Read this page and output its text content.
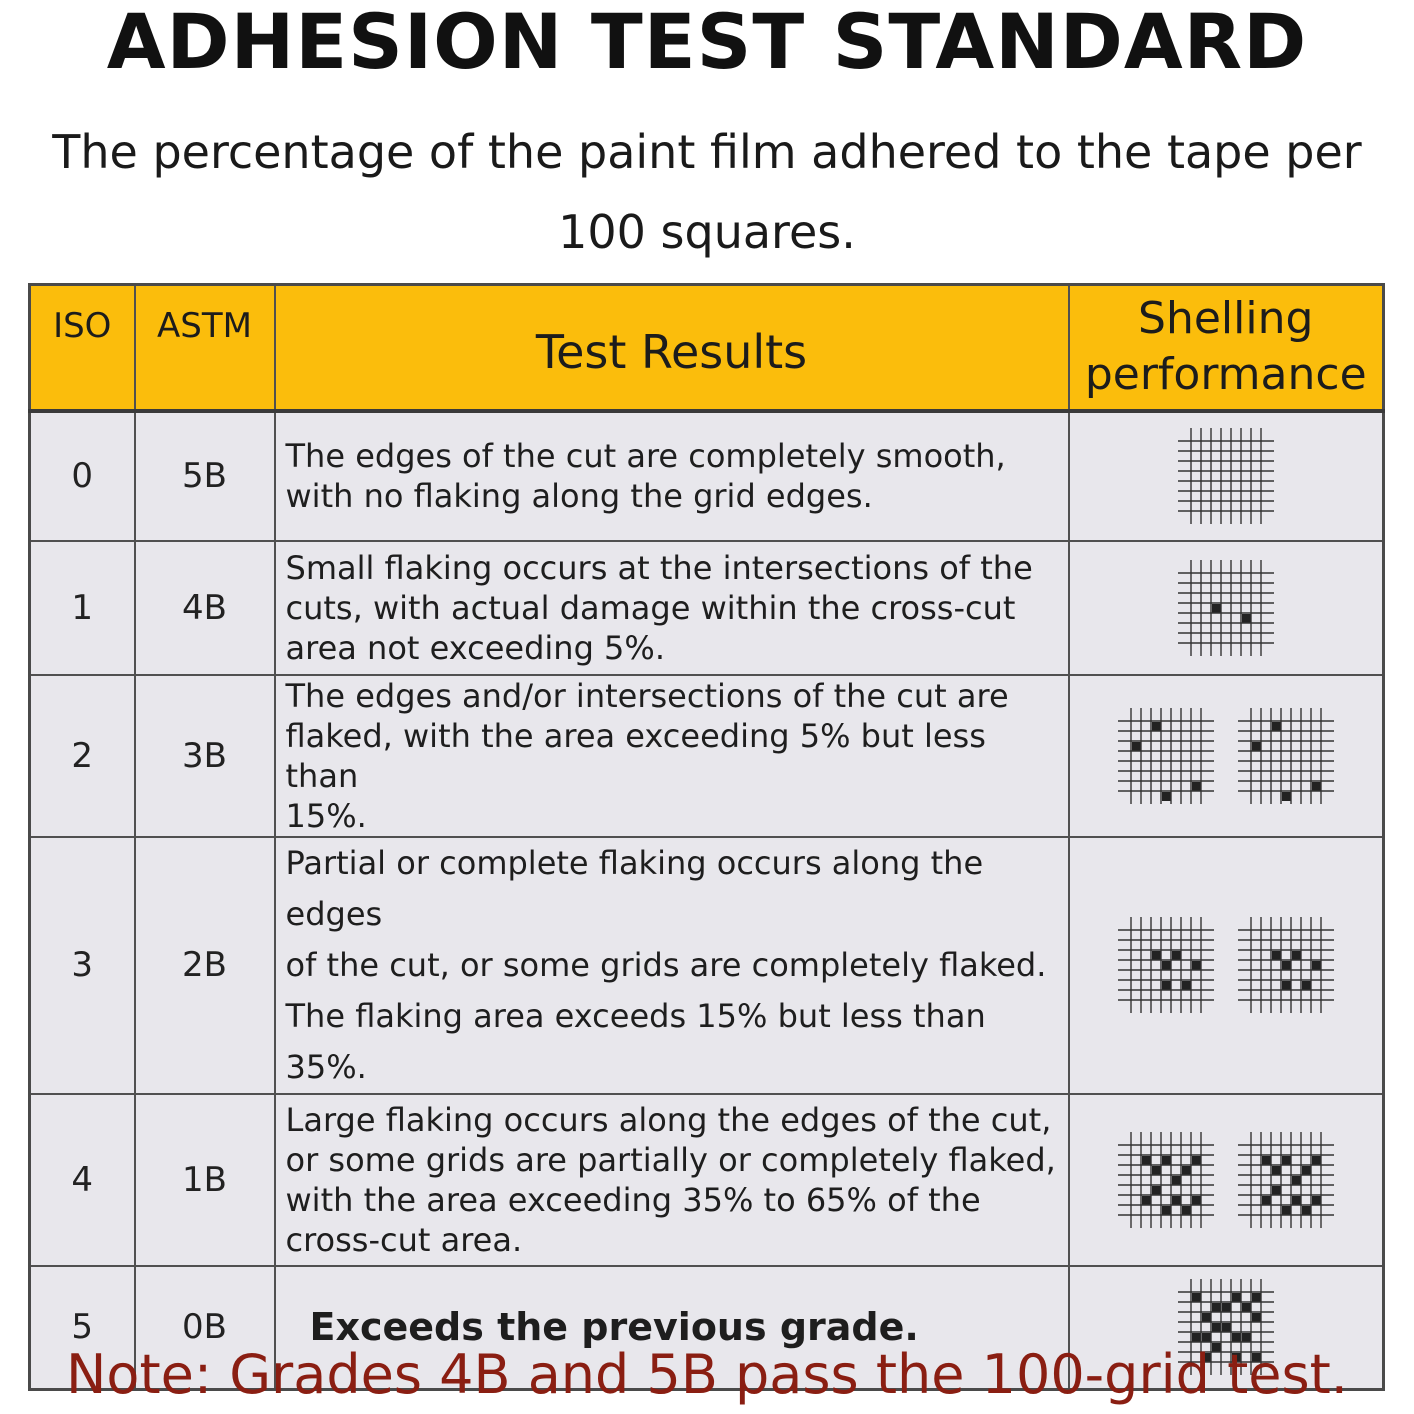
ADHESION TEST STANDARD
The percentage of the paint film adhered to the tape per
100 squares.
ISO	ASTM	Test Results	Shelling
performance

0	5B	The edges of the cut are completely smooth,
with no flaking along the grid edges.

1	4B	Small flaking occurs at the intersections of the
cuts, with actual damage within the cross-cut
area not exceeding 5%.

2	3B	The edges and/or intersections of the cut are
flaked, with the area exceeding 5% but less than
15%.

3	2B	Partial or complete flaking occurs along the edges
of the cut, or some grids are completely flaked.
The flaking area exceeds 15% but less than 35%.

4	1B	Large flaking occurs along the edges of the cut,
or some grids are partially or completely flaked,
with the area exceeding 35% to 65% of the
cross-cut area.

5	0B	Exceeds the previous grade.

Note: Grades 4B and 5B pass the 100-grid test.
